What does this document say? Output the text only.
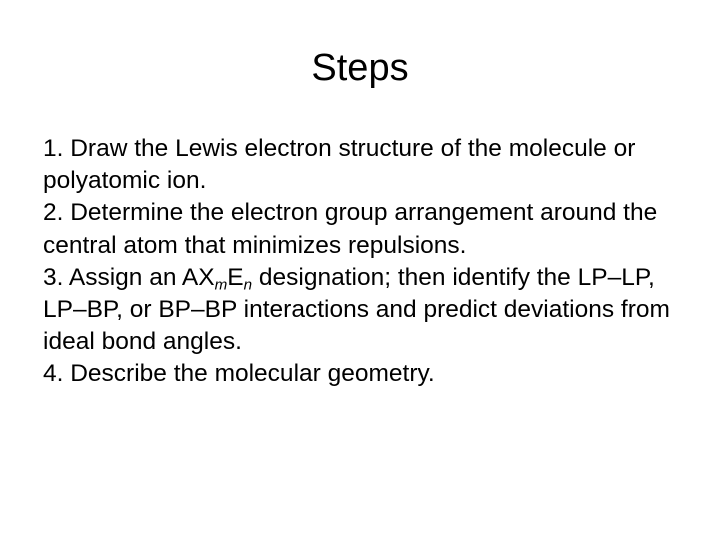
Steps

1. Draw the Lewis electron structure of the molecule or polyatomic ion.

2. Determine the electron group arrangement around the central atom that minimizes repulsions.

3. Assign an $AX_mE_n$ designation; then identify the LP–LP, LP–BP, or BP–BP interactions and predict deviations from ideal bond angles.

4. Describe the molecular geometry.
